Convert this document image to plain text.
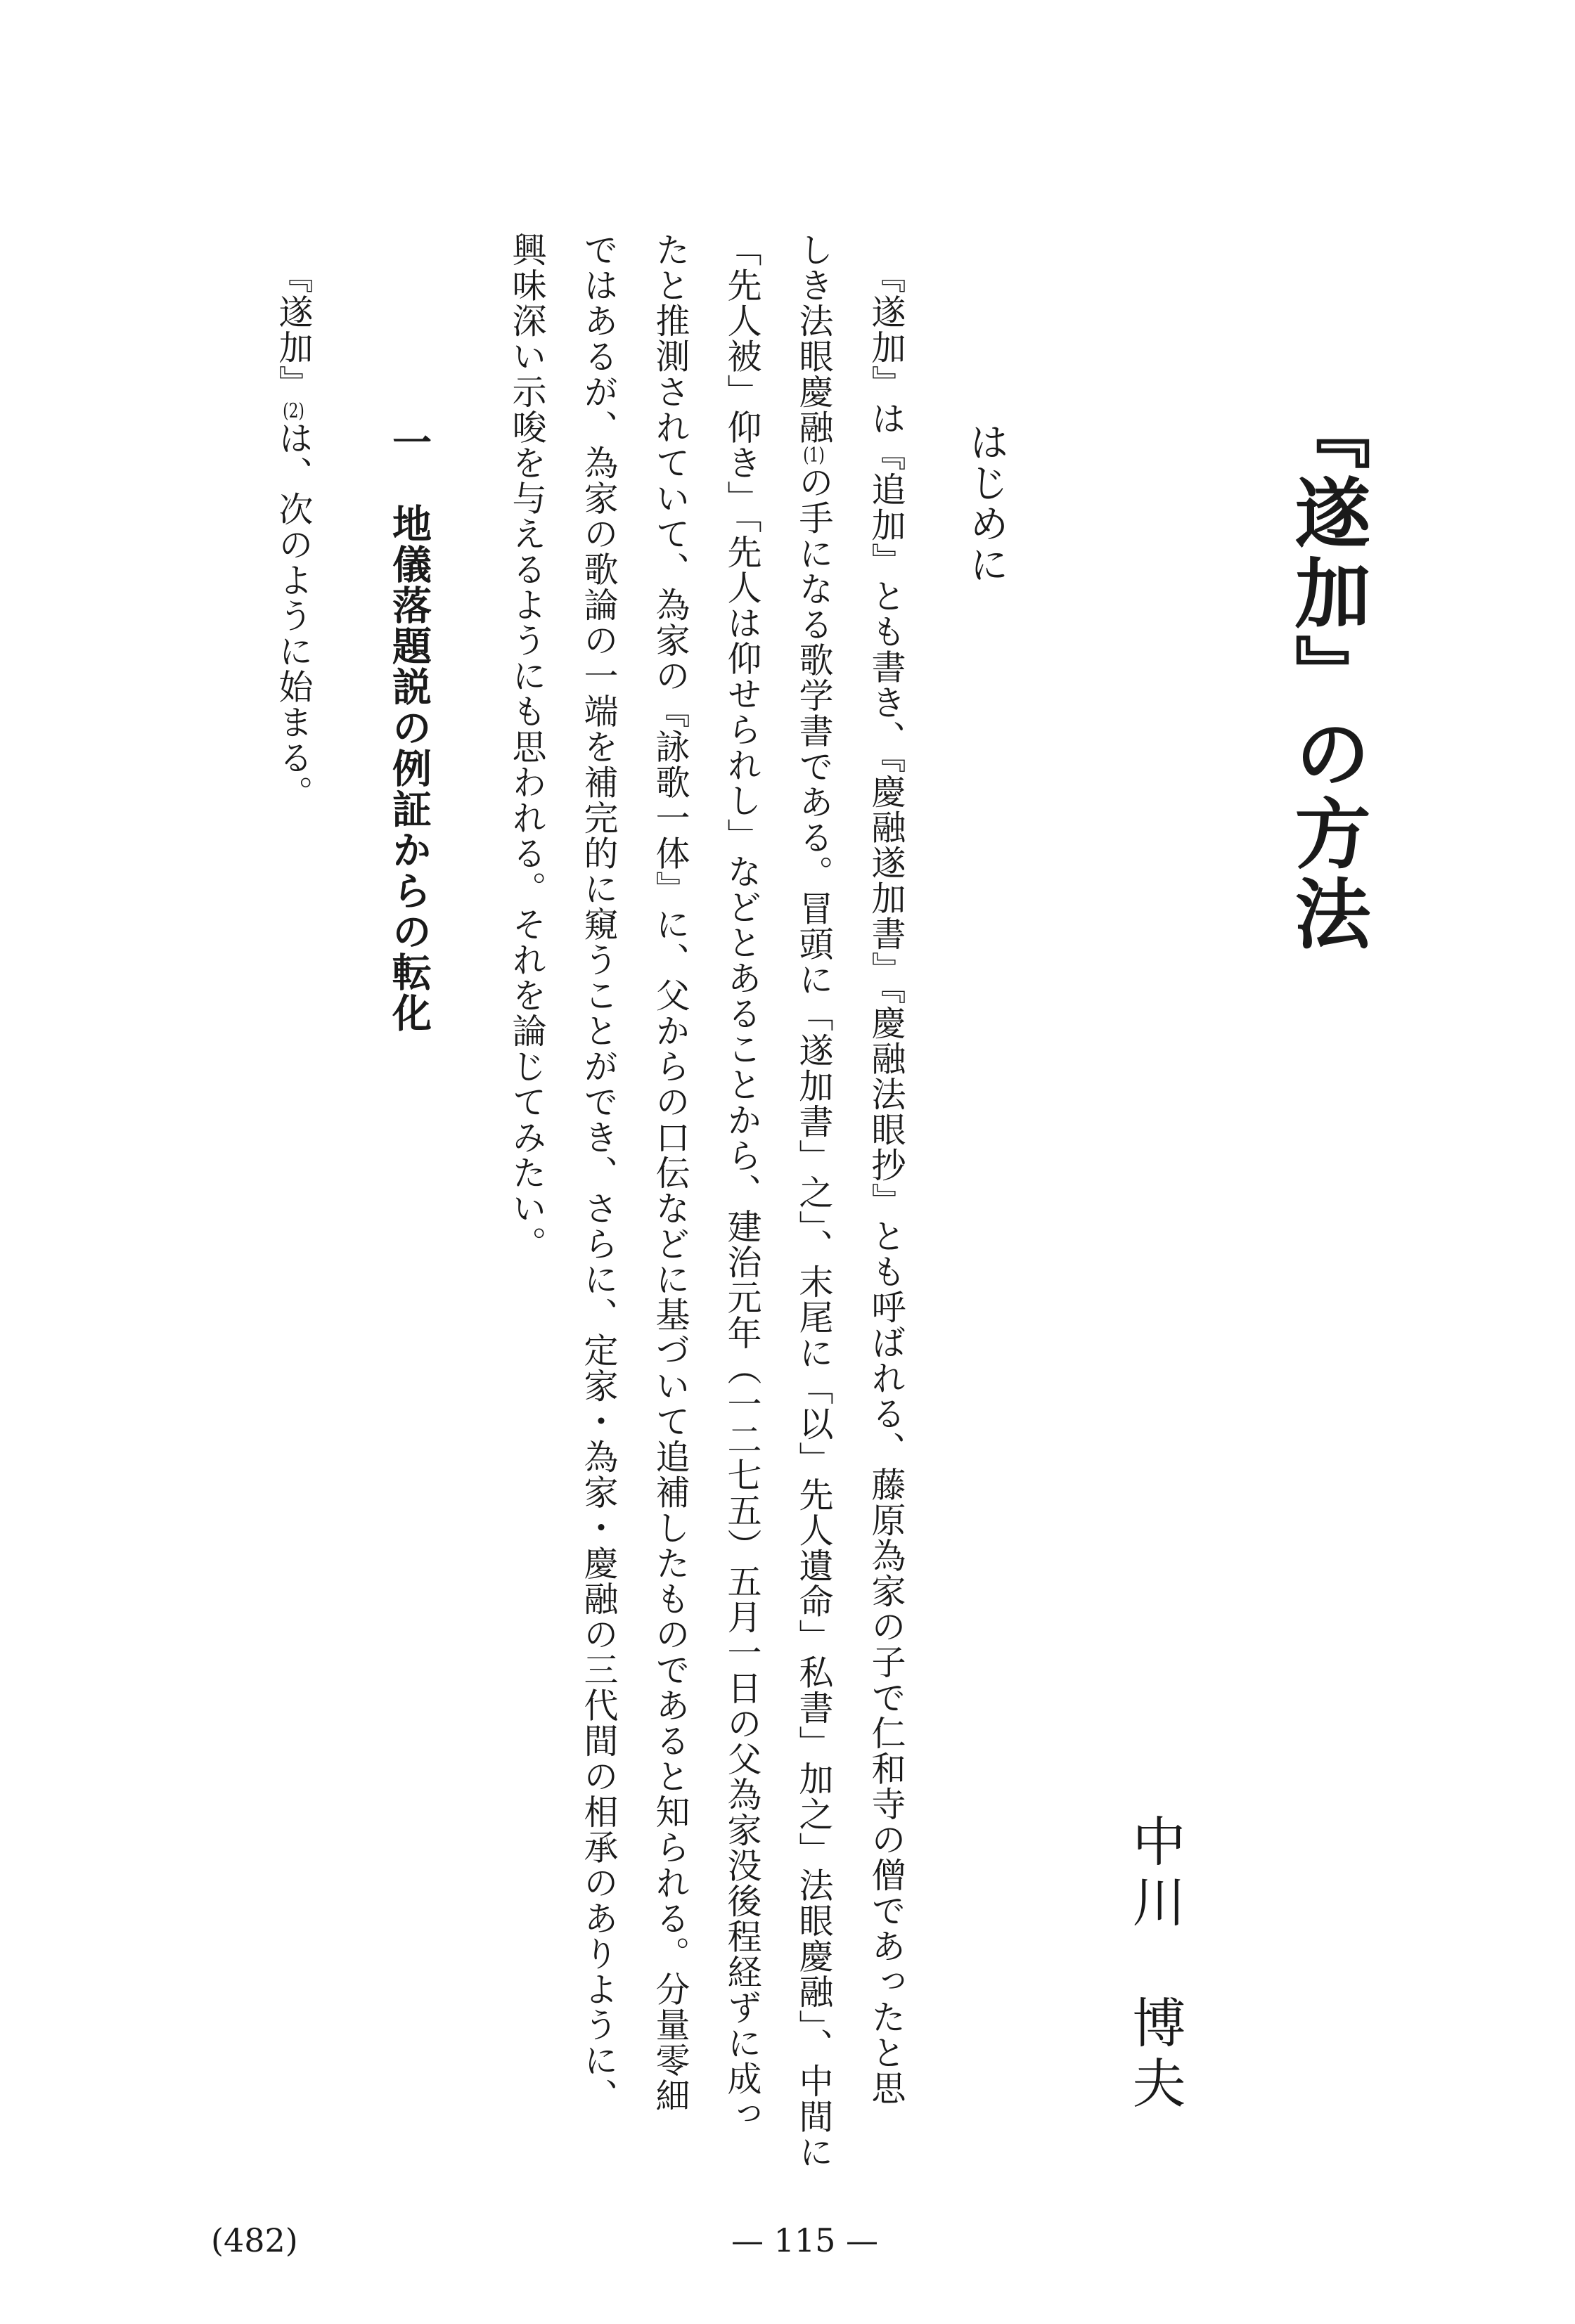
『遂加』の方法
中川　博夫
はじめに
『遂加』は『追加』とも書き、『慶融遂加書』『慶融法眼抄』とも呼ばれる、藤原為家の子で仁和寺の僧であったと思
しき法眼慶融(1)の手になる歌学書である。冒頭に「遂加書」之」、末尾に「以」先人遺命」私書」加之」法眼慶融」、中間に
「先人被」仰き」「先人は仰せられし」などとあることから、建治元年（一二七五）五月一日の父為家没後程経ずに成っ
たと推測されていて、為家の『詠歌一体』に、父からの口伝などに基づいて追補したものであると知られる。分量零細
ではあるが、為家の歌論の一端を補完的に窺うことができ、さらに、定家・為家・慶融の三代間の相承のありように、
興味深い示唆を与えるようにも思われる。それを論じてみたい。
一　地儀落題説の例証からの転化
『遂加』(2)は、次のように始まる。
— 115 —
(482)
